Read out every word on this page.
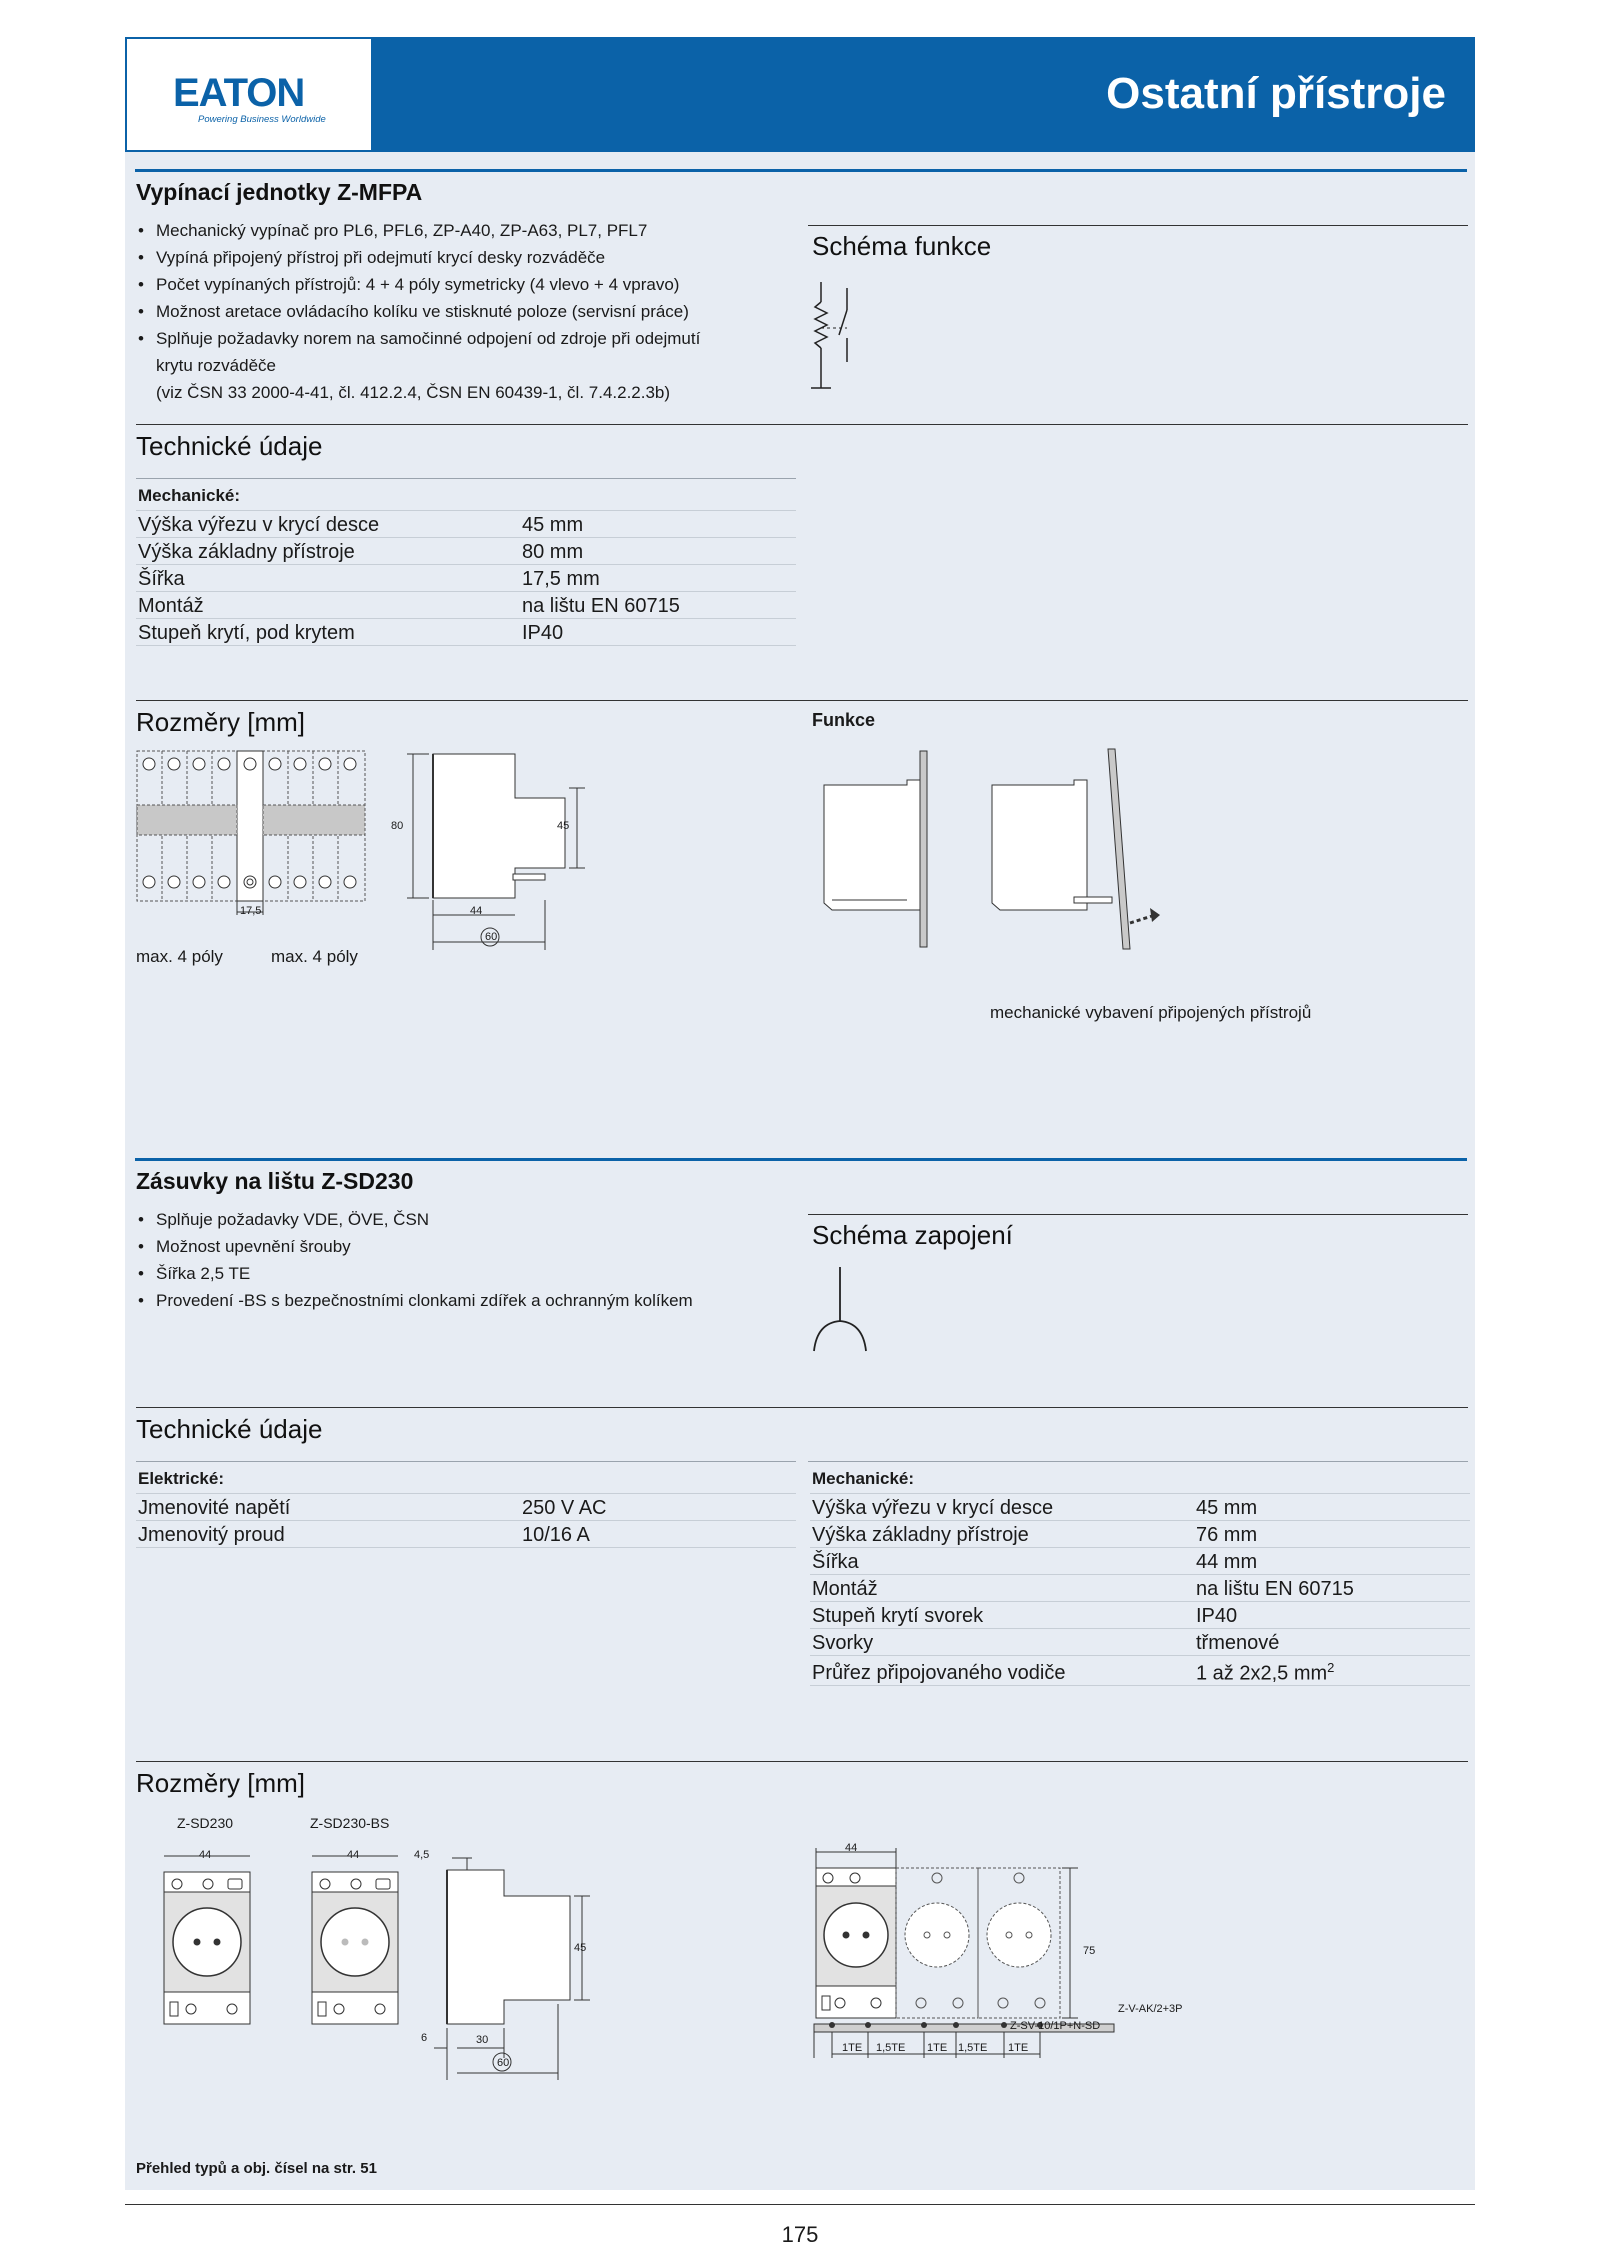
EATON
Powering Business Worldwide
Ostatní přístroje
Vypínací jednotky Z-MFPA
• Mechanický vypínač pro PL6, PFL6, ZP-A40, ZP-A63, PL7, PFL7
• Vypíná připojený přístroj při odejmutí krycí desky rozváděče
• Počet vypínaných přístrojů: 4 + 4 póly symetricky (4 vlevo + 4 vpravo)
• Možnost aretace ovládacího kolíku ve stisknuté poloze (servisní práce)
• Splňuje požadavky norem na samočinné odpojení od zdroje při odejmutí
krytu rozváděče
(viz ČSN 33 2000-4-41, čl. 412.2.4, ČSN EN 60439-1, čl. 7.4.2.2.3b)
Schéma funkce
Technické údaje
Mechanické:	
Výška výřezu v krycí desce	45 mm
Výška základny přístroje	80 mm
Šířka	17,5 mm
Montáž	na lištu EN 60715
Stupeň krytí, pod krytem	IP40
Rozměry [mm]	Funkce
17,5
max. 4 póly	max. 4 póly
80	45
44
60
mechanické vybavení připojených přístrojů
Zásuvky na lištu Z-SD230
• Splňuje požadavky VDE, ÖVE, ČSN
• Možnost upevnění šrouby
• Šířka 2,5 TE
• Provedení -BS s bezpečnostními clonkami zdířek a ochranným kolíkem
Schéma zapojení
Technické údaje
Elektrické:	
Jmenovité napětí	250 V AC
Jmenovitý proud	10/16 A
Mechanické:	
Výška výřezu v krycí desce	45 mm
Výška základny přístroje	76 mm
Šířka	44 mm
Montáž	na lištu EN 60715
Stupeň krytí svorek	IP40
Svorky	třmenové
Průřez připojovaného vodiče	1 až 2x2,5 $mm^2$
Rozměry [mm]
Z-SD230	Z-SD230-BS
44	44	4,5
45
6	30
60
44
75
Z-V-AK/2+3P
Z-SV-10/1P+N-SD
1TE 1,5TE 1TE 1,5TE 1TE
Přehled typů a obj. čísel na str. 51
175
